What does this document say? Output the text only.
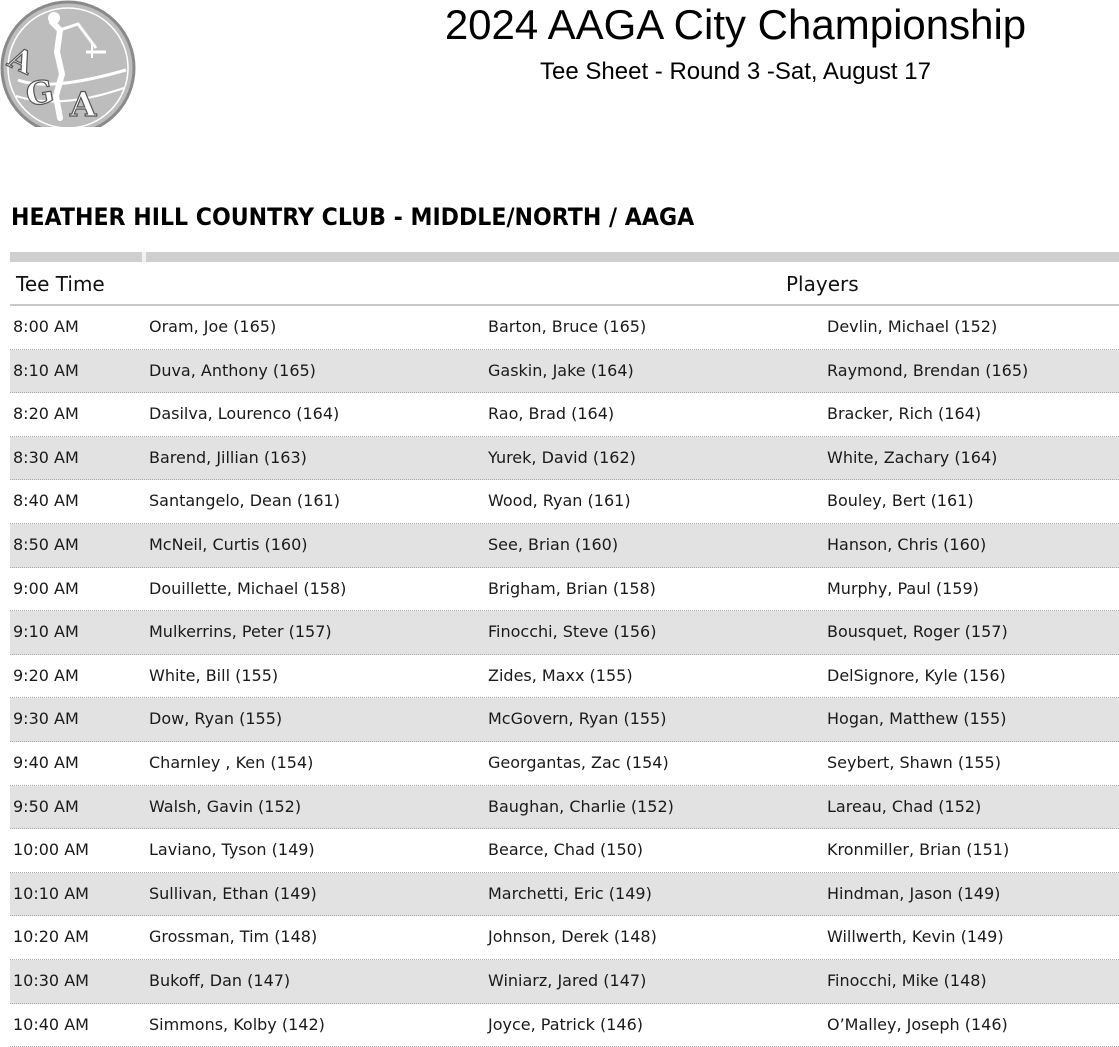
A
G A
2024 AAGA City Championship
Tee Sheet - Round 3 -Sat, August 17
HEATHER HILL COUNTRY CLUB - MIDDLE/NORTH / AAGA
Tee Time	Players
8:00 AM	Oram, Joe (165)	Barton, Bruce (165)	Devlin, Michael (152)
8:10 AM	Duva, Anthony (165)	Gaskin, Jake (164)	Raymond, Brendan (165)
8:20 AM	Dasilva, Lourenco (164)	Rao, Brad (164)	Bracker, Rich (164)
8:30 AM	Barend, Jillian (163)	Yurek, David (162)	White, Zachary (164)
8:40 AM	Santangelo, Dean (161)	Wood, Ryan (161)	Bouley, Bert (161)
8:50 AM	McNeil, Curtis (160)	See, Brian (160)	Hanson, Chris (160)
9:00 AM	Douillette, Michael (158)	Brigham, Brian (158)	Murphy, Paul (159)
9:10 AM	Mulkerrins, Peter (157)	Finocchi, Steve (156)	Bousquet, Roger (157)
9:20 AM	White, Bill (155)	Zides, Maxx (155)	DelSignore, Kyle (156)
9:30 AM	Dow, Ryan (155)	McGovern, Ryan (155)	Hogan, Matthew (155)
9:40 AM	Charnley , Ken (154)	Georgantas, Zac (154)	Seybert, Shawn (155)
9:50 AM	Walsh, Gavin (152)	Baughan, Charlie (152)	Lareau, Chad (152)
10:00 AM	Laviano, Tyson (149)	Bearce, Chad (150)	Kronmiller, Brian (151)
10:10 AM	Sullivan, Ethan (149)	Marchetti, Eric (149)	Hindman, Jason (149)
10:20 AM	Grossman, Tim (148)	Johnson, Derek (148)	Willwerth, Kevin (149)
10:30 AM	Bukoff, Dan (147)	Winiarz, Jared (147)	Finocchi, Mike (148)
10:40 AM	Simmons, Kolby (142)	Joyce, Patrick (146)	O’Malley, Joseph (146)
